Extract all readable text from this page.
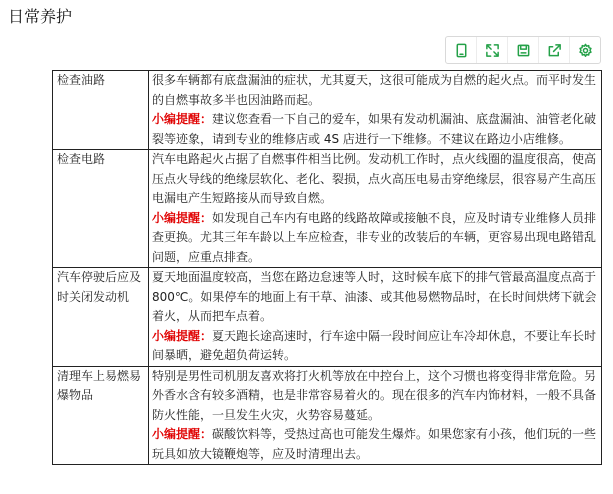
日常养护
检查油路	很多车辆都有底盘漏油的症状，尤其夏天，这很可能成为自燃的起火点。而平时发生的自燃事故多半也因油路而起。
小编提醒：建议您查看一下自己的爱车，如果有发动机漏油、底盘漏油、油管老化破裂等迹象，请到专业的维修店或 4S 店进行一下维修。不建议在路边小店维修。

检查电路	汽车电路起火占据了自燃事件相当比例。发动机工作时，点火线圈的温度很高，使高压点火导线的绝缘层软化、老化、裂损，点火高压电易击穿绝缘层，很容易产生高压电漏电产生短路接从而导致自燃。
小编提醒：如发现自己车内有电路的线路故障或接触不良，应及时请专业维修人员排查更换。尤其三年车龄以上车应检查，非专业的改装后的车辆，更容易出现电路错乱问题，应重点排查。

汽车停驶后应及时关闭发动机	夏天地面温度较高，当您在路边怠速等人时，这时候车底下的排气管最高温度点高于 800℃。如果停车的地面上有干草、油漆、或其他易燃物品时，在长时间烘烤下就会着火，从而把车点着。
小编提醒：夏天跑长途高速时，行车途中隔一段时间应让车冷却休息，不要让车长时间暴晒，避免超负荷运转。

清理车上易燃易爆物品	特别是男性司机朋友喜欢将打火机等放在中控台上，这个习惯也将变得非常危险。另外香水含有较多酒精，也是非常容易着火的。现在很多的汽车内饰材料，一般不具备防火性能，一旦发生火灾，火势容易蔓延。
小编提醒：碳酸饮料等，受热过高也可能发生爆炸。如果您家有小孩，他们玩的一些玩具如放大镜鞭炮等，应及时清理出去。
